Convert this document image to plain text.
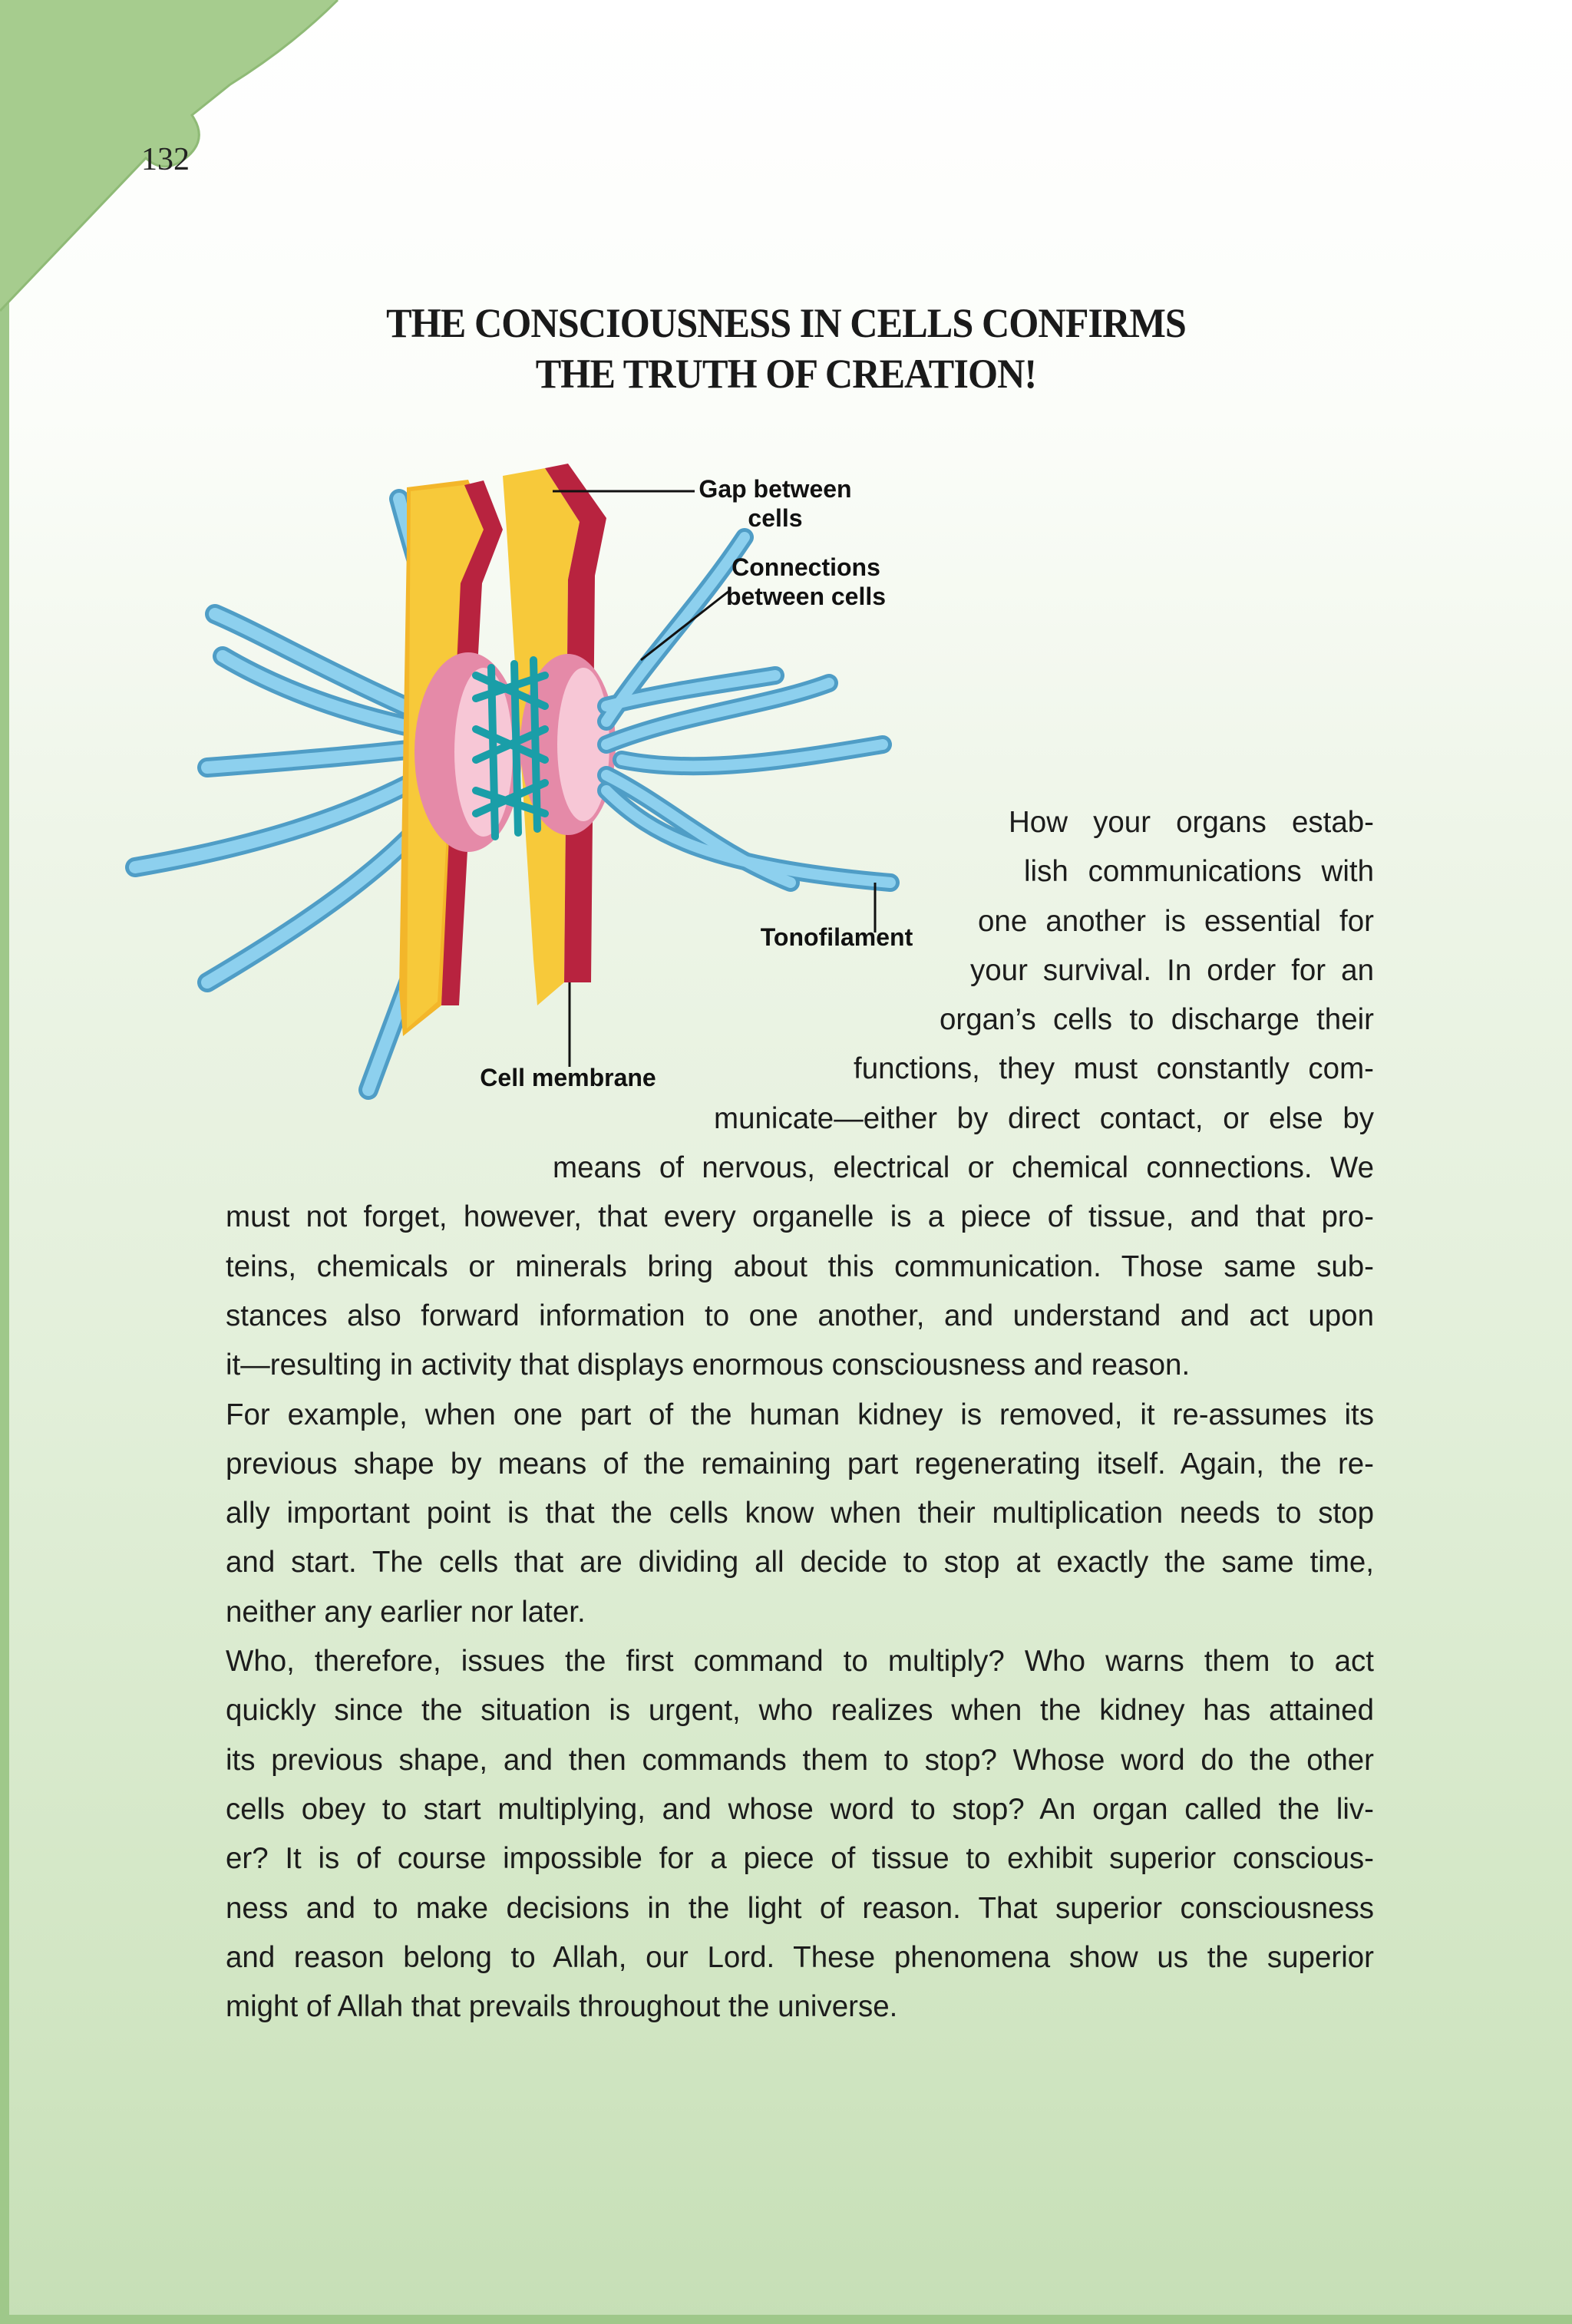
132
THE CONSCIOUSNESS IN CELLS CONFIRMS
THE TRUTH OF CREATION!
Gap between
cells
Connections
between cells
Tonofilament
Cell membrane
How your organs estab-
lish communications with
one another is essential for
your survival. In order for an
organ’s cells to discharge their
functions, they must constantly com-
municate—either by direct contact, or else by
means of nervous, electrical or chemical connections. We
must not forget, however, that every organelle is a piece of tissue, and that pro-
teins, chemicals or minerals bring about this communication. Those same sub-
stances also forward information to one another, and understand and act upon
it—resulting in activity that displays enormous consciousness and reason.
For example, when one part of the human kidney is removed, it re-assumes its
previous shape by means of the remaining part regenerating itself. Again, the re-
ally important point is that the cells know when their multiplication needs to stop
and start. The cells that are dividing all decide to stop at exactly the same time,
neither any earlier nor later.
Who, therefore, issues the first command to multiply? Who warns them to act
quickly since the situation is urgent, who realizes when the kidney has attained
its previous shape, and then commands them to stop? Whose word do the other
cells obey to start multiplying, and whose word to stop? An organ called the liv-
er? It is of course impossible for a piece of tissue to exhibit superior conscious-
ness and to make decisions in the light of reason. That superior consciousness
and reason belong to Allah, our Lord. These phenomena show us the superior
might of Allah that prevails throughout the universe.
